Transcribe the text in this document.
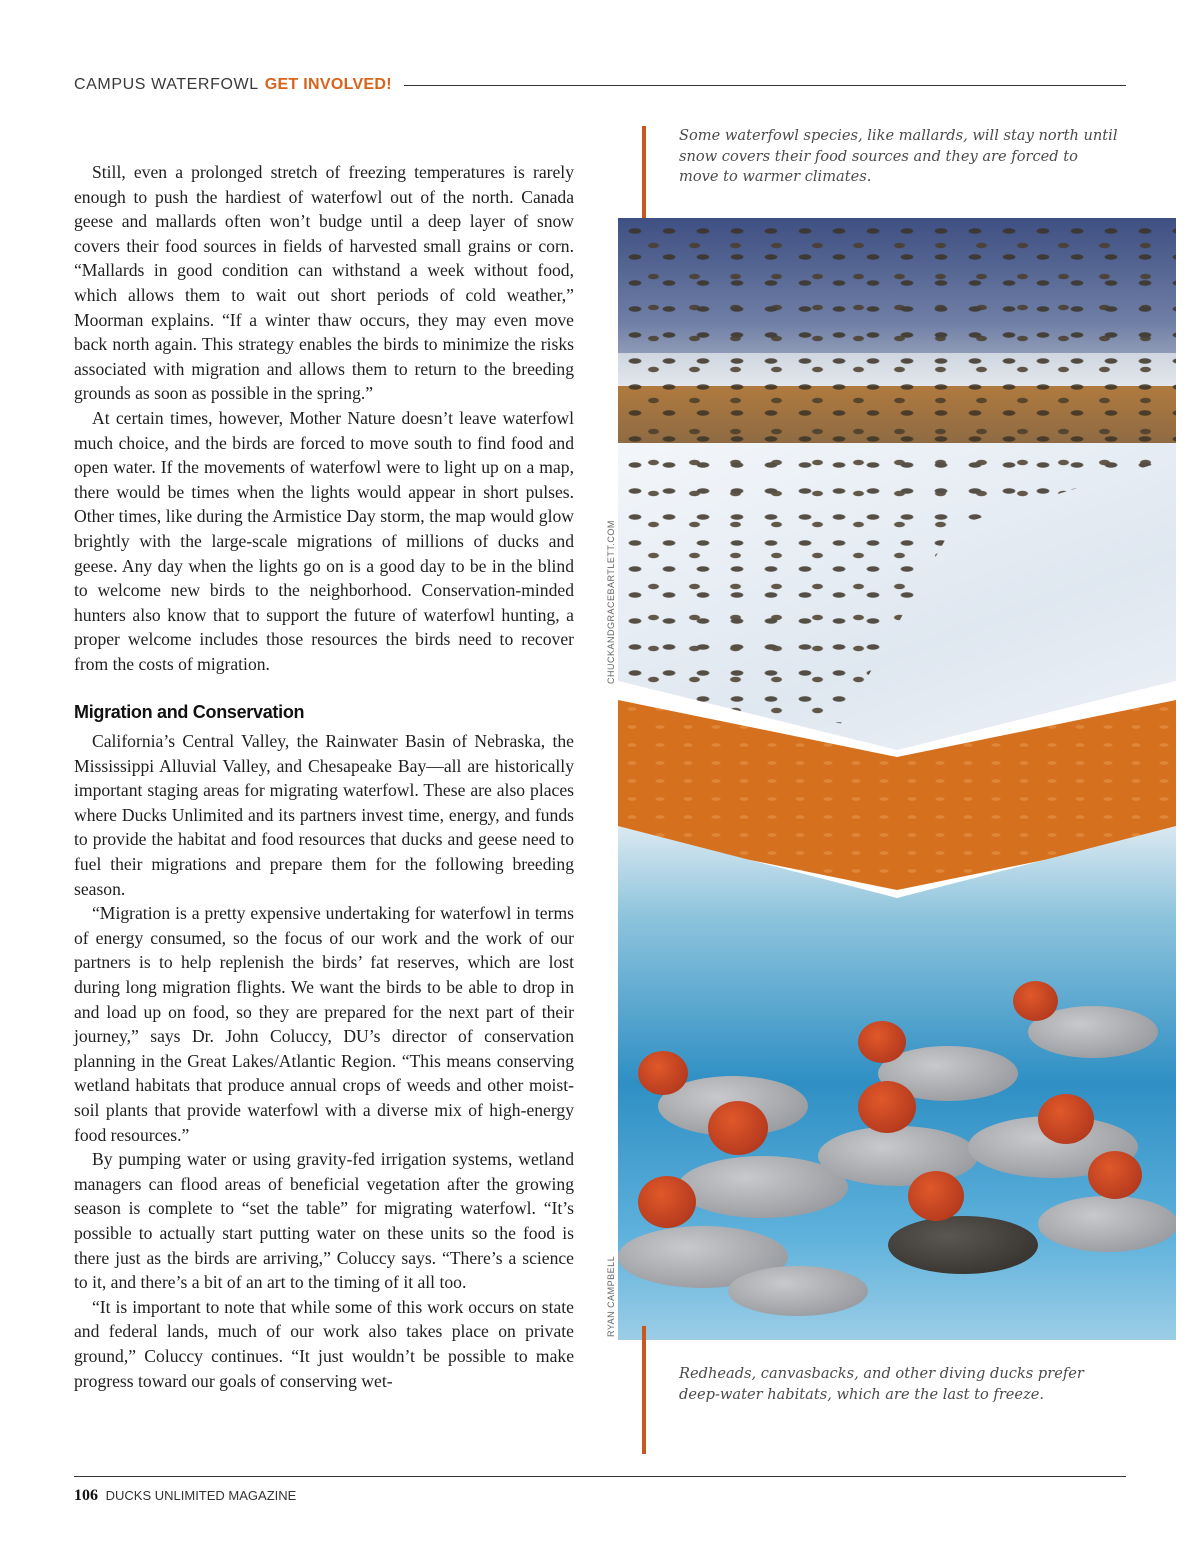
CAMPUS WATERFOWL GET INVOLVED!

Still, even a prolonged stretch of freezing temperatures is rarely enough to push the hardiest of waterfowl out of the north. Canada geese and mallards often won’t budge until a deep layer of snow covers their food sources in fields of harvested small grains or corn. “Mallards in good condition can withstand a week without food, which allows them to wait out short periods of cold weather,” Moorman explains. “If a winter thaw occurs, they may even move back north again. This strategy enables the birds to minimize the risks associated with migration and allows them to return to the breeding grounds as soon as possible in the spring.”

At certain times, however, Mother Nature doesn’t leave waterfowl much choice, and the birds are forced to move south to find food and open water. If the movements of waterfowl were to light up on a map, there would be times when the lights would appear in short pulses. Other times, like during the Armistice Day storm, the map would glow brightly with the large-scale migrations of millions of ducks and geese. Any day when the lights go on is a good day to be in the blind to welcome new birds to the neighborhood. Conservation-minded hunters also know that to support the future of waterfowl hunting, a proper welcome includes those resources the birds need to recover from the costs of migration.

Migration and Conservation

California’s Central Valley, the Rainwater Basin of Nebraska, the Mississippi Alluvial Valley, and Chesapeake Bay—all are historically important staging areas for migrating waterfowl. These are also places where Ducks Unlimited and its partners invest time, energy, and funds to provide the habitat and food resources that ducks and geese need to fuel their migrations and prepare them for the following breeding season.

“Migration is a pretty expensive undertaking for waterfowl in terms of energy consumed, so the focus of our work and the work of our partners is to help replenish the birds’ fat reserves, which are lost during long migration flights. We want the birds to be able to drop in and load up on food, so they are prepared for the next part of their journey,” says Dr. John Coluccy, DU’s director of conservation planning in the Great Lakes/Atlantic Region. “This means conserving wetland habitats that produce annual crops of weeds and other moist-soil plants that provide waterfowl with a diverse mix of high-energy food resources.”

By pumping water or using gravity-fed irrigation systems, wetland managers can flood areas of beneficial vegetation after the growing season is complete to “set the table” for migrating waterfowl. “It’s possible to actually start putting water on these units so the food is there just as the birds are arriving,” Coluccy says. “There’s a science to it, and there’s a bit of an art to the timing of it all too.

“It is important to note that while some of this work occurs on state and federal lands, much of our work also takes place on private ground,” Coluccy continues. “It just wouldn’t be possible to make progress toward our goals of conserving wet-

Some waterfowl species, like mallards, will stay north until snow covers their food sources and they are forced to move to warmer climates.
CHUCKANDGRACEBARTLETT.COM
RYAN CAMPBELL
Redheads, canvasbacks, and other diving ducks prefer deep-water habitats, which are the last to freeze.
106 DUCKS UNLIMITED MAGAZINE
